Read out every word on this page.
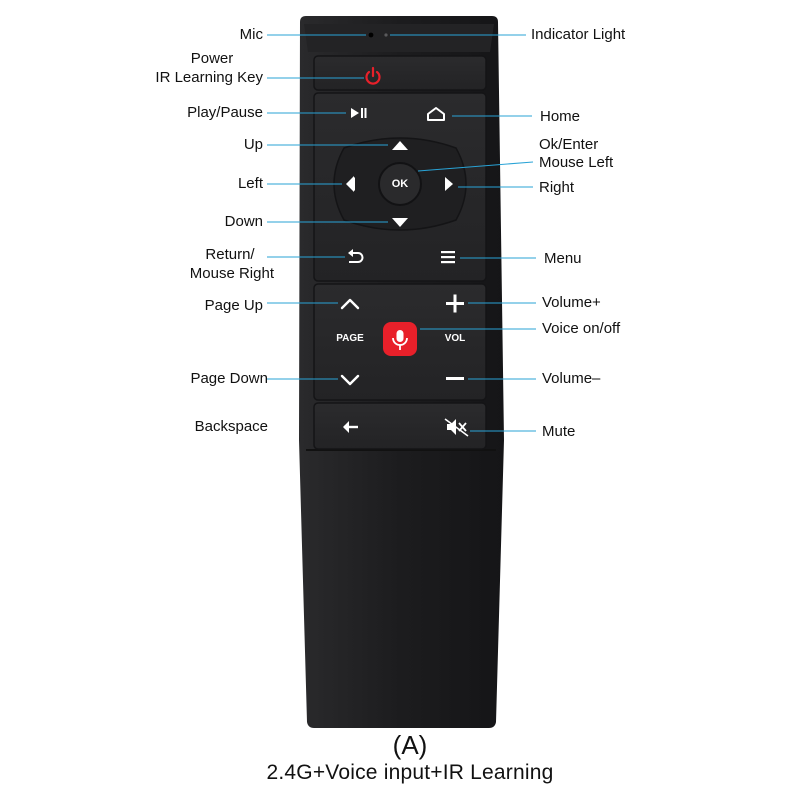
OK
PAGE	VOL
Mic
Power
IR Learning Key
Play/Pause
Up
Left
Down
Return/
Mouse Right
Page Up
Page Down
Backspace
Indicator Light
Home
Ok/Enter
Mouse Left
Right
Menu
Volume+
Voice on/off
Volume–
Mute
(A)
2.4G+Voice input+IR Learning
